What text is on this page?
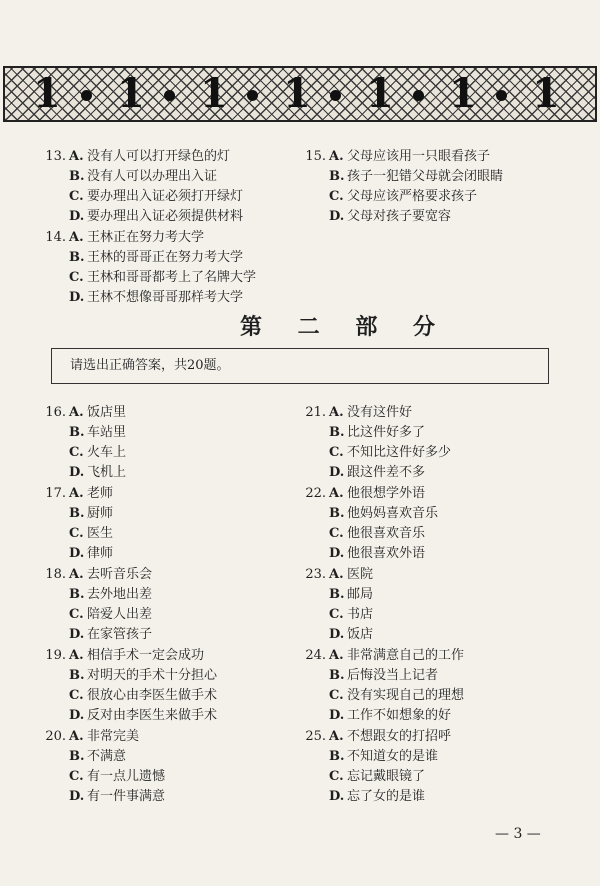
1 1 1 1 1 1 1
13. A. 没有人可以打开绿色的灯
B. 没有人可以办理出入证
C. 要办理出入证必须打开绿灯
D. 要办理出入证必须提供材料
14. A. 王林正在努力考大学
B. 王林的哥哥正在努力考大学
C. 王林和哥哥都考上了名牌大学
D. 王林不想像哥哥那样考大学
15. A. 父母应该用一只眼看孩子
B. 孩子一犯错父母就会闭眼睛
C. 父母应该严格要求孩子
D. 父母对孩子要宽容
第 二 部 分
请选出正确答案，共20题。
16. A. 饭店里
B. 车站里
C. 火车上
D. 飞机上
17. A. 老师
B. 厨师
C. 医生
D. 律师
18. A. 去听音乐会
B. 去外地出差
C. 陪爱人出差
D. 在家管孩子
19. A. 相信手术一定会成功
B. 对明天的手术十分担心
C. 很放心由李医生做手术
D. 反对由李医生来做手术
20. A. 非常完美
B. 不满意
C. 有一点儿遗憾
D. 有一件事满意
21. A. 没有这件好
B. 比这件好多了
C. 不知比这件好多少
D. 跟这件差不多
22. A. 他很想学外语
B. 他妈妈喜欢音乐
C. 他很喜欢音乐
D. 他很喜欢外语
23. A. 医院
B. 邮局
C. 书店
D. 饭店
24. A. 非常满意自己的工作
B. 后悔没当上记者
C. 没有实现自己的理想
D. 工作不如想象的好
25. A. 不想跟女的打招呼
B. 不知道女的是谁
C. 忘记戴眼镜了
D. 忘了女的是谁
— 3 —
